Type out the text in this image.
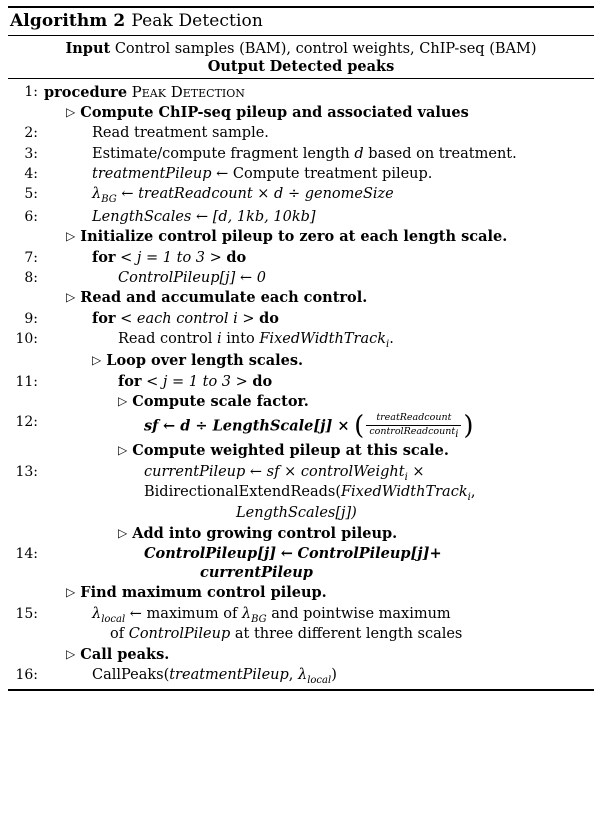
Algorithm 2 Peak Detection
Input Control samples (BAM), control weights, ChIP-seq (BAM)
Output Detected peaks
1: procedure Peak Detection
▷ Compute ChIP-seq pileup and associated values
2:	Read treatment sample.
3:	Estimate/compute fragment length d based on treatment.
4:	treatmentPileup ← Compute treatment pileup.
5:	$\lambda_{BG}$ ← treatReadcount × d ÷ genomeSize
6:	LengthScales ← [d, 1kb, 10kb]
▷ Initialize control pileup to zero at each length scale.
7:	for < j = 1 to 3 > do
8:	ControlPileup[j] ← 0
▷ Read and accumulate each control.
9:	for < each control i > do
10:	Read control i into FixedWidthTrack$_i$.
▷ Loop over length scales.
11:	for < j = 1 to 3 > do
▷ Compute scale factor.
12:	sf ← d ÷ LengthScale[j] × ( $\frac{\text{treatReadcount}}{\text{controlReadcounti}}$ )
▷ Compute weighted pileup at this scale.
13:	currentPileup ← sf × controlWeight$_i$ ×
BidirectionalExtendReads(FixedWidthTrack$_i$,
LengthScales[j])
▷ Add into growing control pileup.
14:	ControlPileup[j] ← ControlPileup[j]+
currentPileup
▷ Find maximum control pileup.
15:	$\lambda_{local}$ ← maximum of $\lambda_{BG}$ and pointwise maximum
of ControlPileup at three different length scales
▷ Call peaks.
16:	CallPeaks(treatmentPileup, $\lambda_{local}$)
